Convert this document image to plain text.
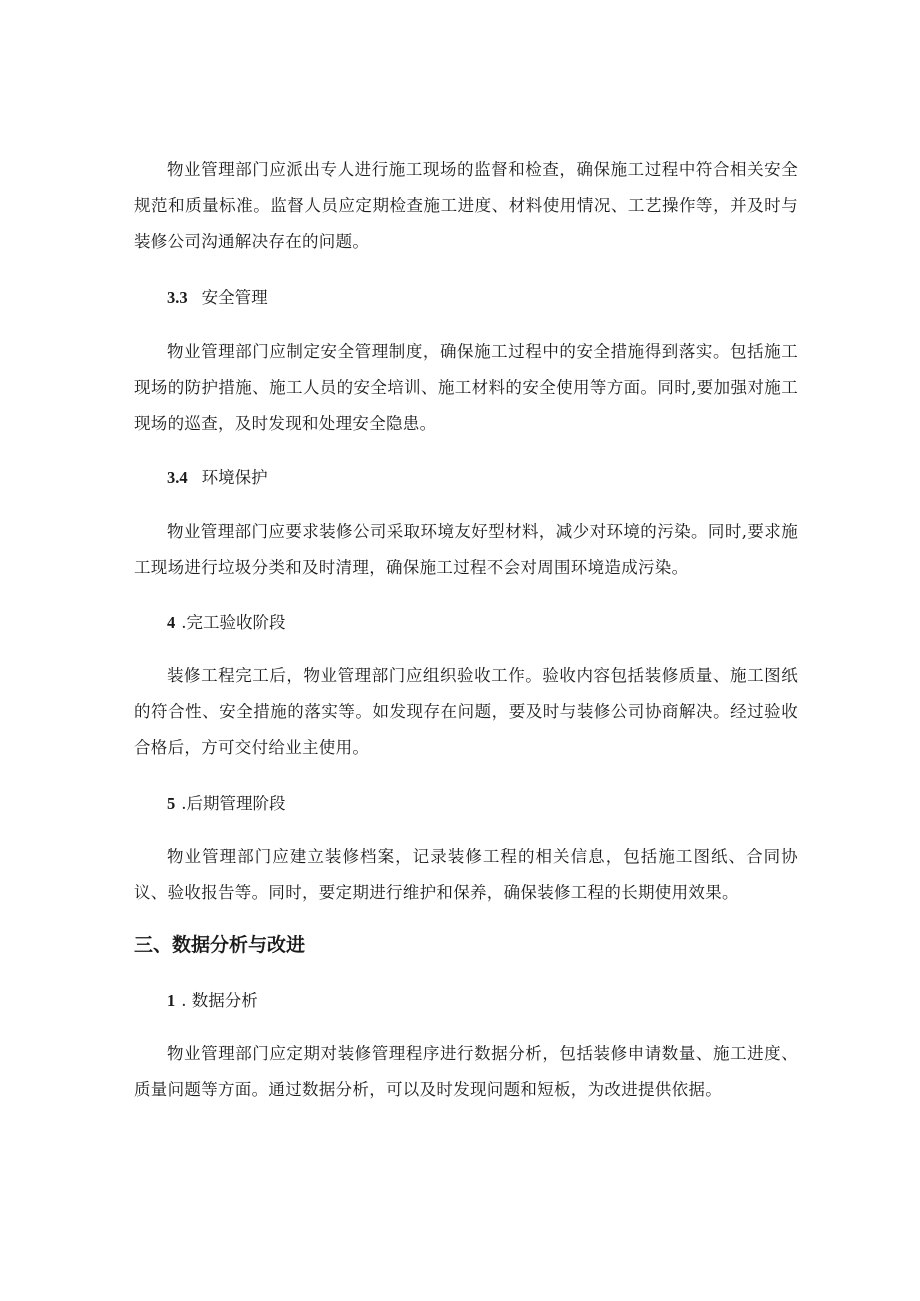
物业管理部门应派出专人进行施工现场的监督和检查，确保施工过程中符合相关安全规范和质量标准。监督人员应定期检查施工进度、材料使用情况、工艺操作等，并及时与装修公司沟通解决存在的问题。

3.3 安全管理

物业管理部门应制定安全管理制度，确保施工过程中的安全措施得到落实。包括施工现场的防护措施、施工人员的安全培训、施工材料的安全使用等方面。同时,要加强对施工现场的巡查，及时发现和处理安全隐患。

3.4 环境保护

物业管理部门应要求装修公司采取环境友好型材料，减少对环境的污染。同时,要求施工现场进行垃圾分类和及时清理，确保施工过程不会对周围环境造成污染。

4 .完工验收阶段

装修工程完工后，物业管理部门应组织验收工作。验收内容包括装修质量、施工图纸的符合性、安全措施的落实等。如发现存在问题，要及时与装修公司协商解决。经过验收合格后，方可交付给业主使用。

5 .后期管理阶段

物业管理部门应建立装修档案，记录装修工程的相关信息，包括施工图纸、合同协议、验收报告等。同时，要定期进行维护和保养，确保装修工程的长期使用效果。

三、数据分析与改进
1 . 数据分析

物业管理部门应定期对装修管理程序进行数据分析，包括装修申请数量、施工进度、质量问题等方面。通过数据分析，可以及时发现问题和短板，为改进提供依据。
